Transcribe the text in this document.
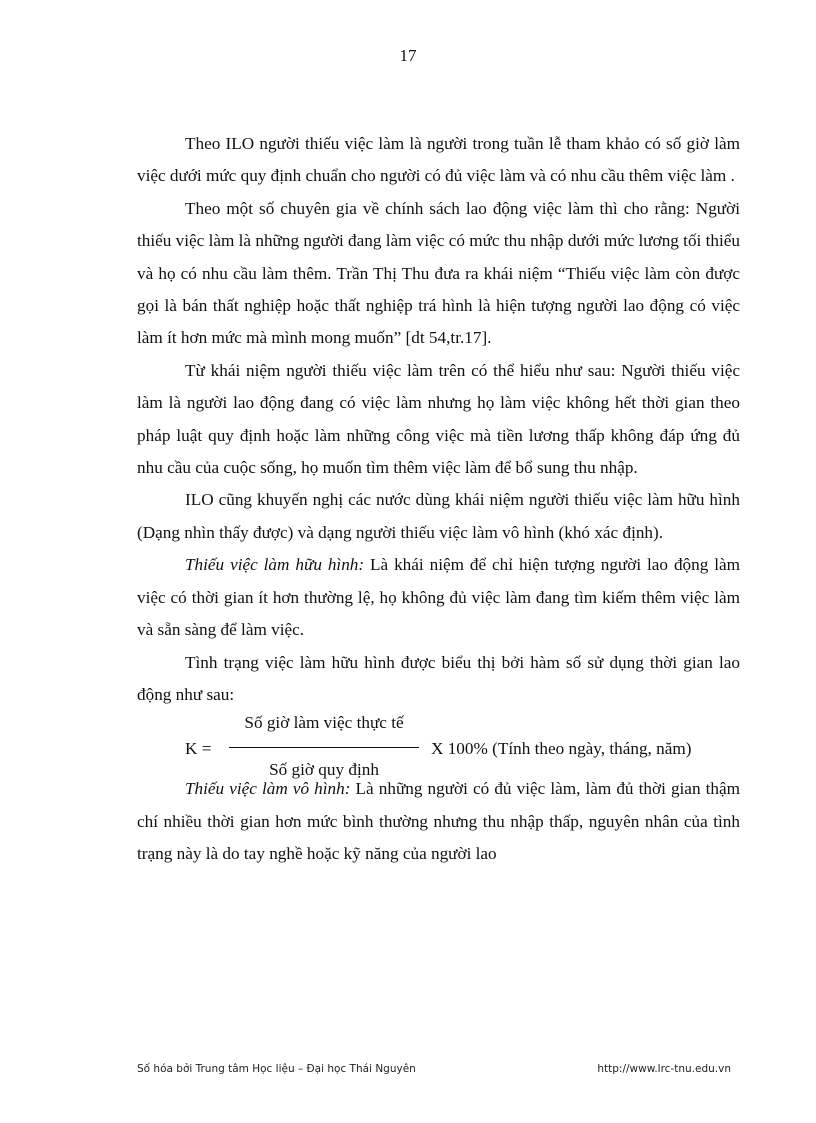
17

Theo ILO người thiếu việc làm là người trong tuần lễ tham khảo có số giờ làm việc dưới mức quy định chuẩn cho người có đủ việc làm và có nhu cầu thêm việc làm .

Theo một số chuyên gia về chính sách lao động việc làm thì cho rằng: Người thiếu việc làm là những người đang làm việc có mức thu nhập dưới mức lương tối thiểu và họ có nhu cầu làm thêm. Trần Thị Thu đưa ra khái niệm “Thiếu việc làm còn được gọi là bán thất nghiệp hoặc thất nghiệp trá hình là hiện tượng người lao động có việc làm ít hơn mức mà mình mong muốn” [dt 54,tr.17].

Từ khái niệm người thiếu việc làm trên có thể hiểu như sau: Người thiếu việc làm là người lao động đang có việc làm nhưng họ làm việc không hết thời gian theo pháp luật quy định hoặc làm những công việc mà tiền lương thấp không đáp ứng đủ nhu cầu của cuộc sống, họ muốn tìm thêm việc làm để bổ sung thu nhập.

ILO cũng khuyến nghị các nước dùng khái niệm người thiếu việc làm hữu hình (Dạng nhìn thấy được) và dạng người thiếu việc làm vô hình (khó xác định).

Thiếu việc làm hữu hình: Là khái niệm để chỉ hiện tượng người lao động làm việc có thời gian ít hơn thường lệ, họ không đủ việc làm đang tìm kiếm thêm việc làm và sẵn sàng để làm việc.

Tình trạng việc làm hữu hình được biểu thị bởi hàm số sử dụng thời gian lao động như sau:

K =
Số giờ làm việc thực tế
Số giờ quy định
X 100% (Tính theo ngày, tháng, năm)

Thiếu việc làm vô hình: Là những người có đủ việc làm, làm đủ thời gian thậm chí nhiều thời gian hơn mức bình thường nhưng thu nhập thấp, nguyên nhân của tình trạng này là do tay nghề hoặc kỹ năng của người lao

Số hóa bởi Trung tâm Học liệu – Đại học Thái Nguyên	http://www.lrc-tnu.edu.vn
